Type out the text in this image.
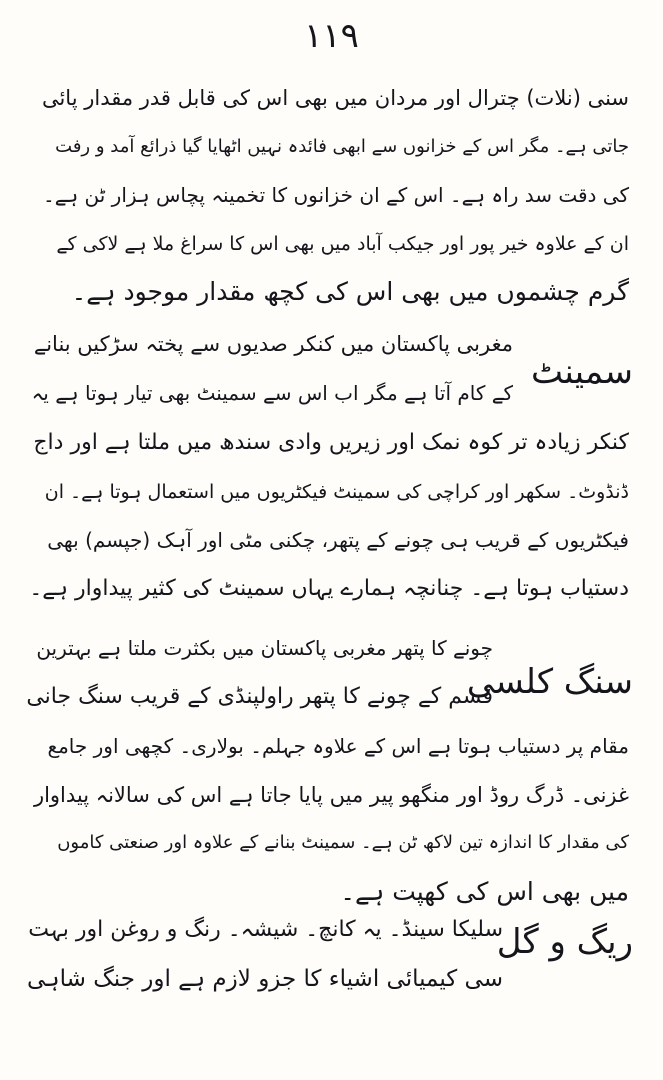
۱۱۹
سنی (نلات) چترال اور مردان میں بھی اس کی قابل قدر مقدار پائی
جاتی ہے۔ مگر اس کے خزانوں سے ابھی فائدہ نہیں اٹھایا گیا ذرائع آمد و رفت
کی دقت سد راہ ہے۔ اس کے ان خزانوں کا تخمینہ پچاس ہزار ٹن ہے۔
ان کے علاوہ خیر پور اور جیکب آباد میں بھی اس کا سراغ ملا ہے لاکی کے
گرم چشموں میں بھی اس کی کچھ مقدار موجود ہے۔
سمینٹ
مغربی پاکستان میں کنکر صدیوں سے پختہ سڑکیں بنانے
کے کام آتا ہے مگر اب اس سے سمینٹ بھی تیار ہوتا ہے یہ
کنکر زیادہ تر کوہ نمک اور زیریں وادی سندھ میں ملتا ہے اور داج
ڈنڈوٹ۔ سکھر اور کراچی کی سمینٹ فیکٹریوں میں استعمال ہوتا ہے۔ ان
فیکٹریوں کے قریب ہی چونے کے پتھر، چکنی مٹی اور آہک (جپسم) بھی
دستیاب ہوتا ہے۔ چنانچہ ہمارے یہاں سمینٹ کی کثیر پیداوار ہے۔
سنگ کلسی
چونے کا پتھر مغربی پاکستان میں بکثرت ملتا ہے بہترین
قسم کے چونے کا پتھر راولپنڈی کے قریب سنگ جانی
مقام پر دستیاب ہوتا ہے اس کے علاوہ جہلم۔ بولاری۔ کچھی اور جامع
غزنی۔ ڈرگ روڈ اور منگھو پیر میں پایا جاتا ہے اس کی سالانہ پیداوار
کی مقدار کا اندازہ تین لاکھ ٹن ہے۔ سمینٹ بنانے کے علاوہ اور صنعتی کاموں
میں بھی اس کی کھپت ہے۔
ریگ و گل
سلیکا سینڈ۔ یہ کانچ۔ شیشہ۔ رنگ و روغن اور بہت
سی کیمیائی اشیاء کا جزو لازم ہے اور جنگ شاہی
